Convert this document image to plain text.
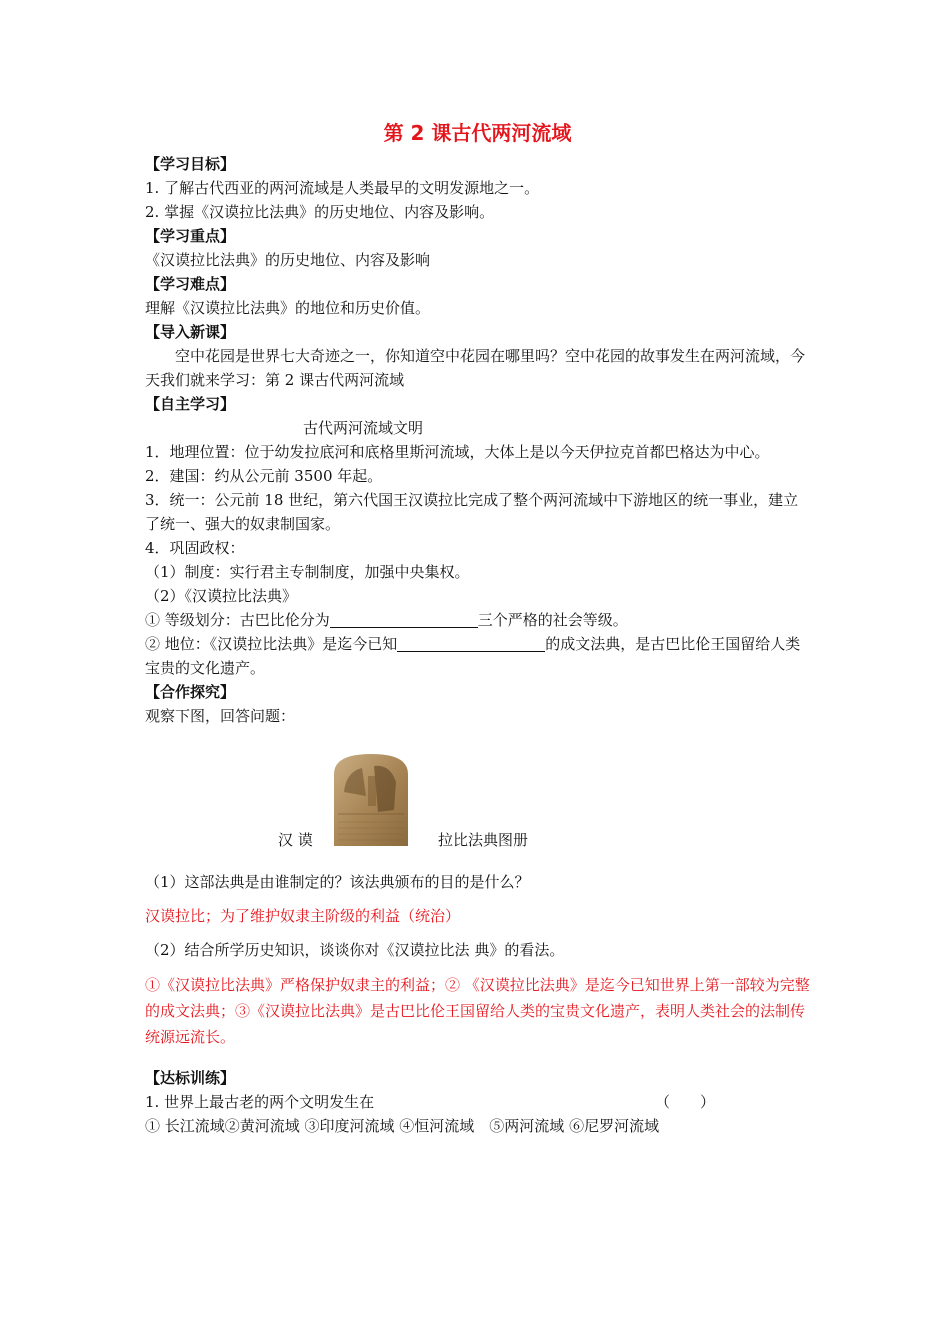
第 2 课古代两河流域
【学习目标】

1. 了解古代西亚的两河流域是人类最早的文明发源地之一。

2. 掌握《汉谟拉比法典》的历史地位、内容及影响。

【学习重点】

《汉谟拉比法典》的历史地位、内容及影响

【学习难点】

理解《汉谟拉比法典》的地位和历史价值。

【导入新课】

空中花园是世界七大奇迹之一，你知道空中花园在哪里吗？空中花园的故事发生在两河流域，今天我们就来学习：第 2 课古代两河流域

【自主学习】

古代两河流域文明

1．地理位置：位于幼发拉底河和底格里斯河流域，大体上是以今天伊拉克首都巴格达为中心。

2．建国：约从公元前 3500 年起。

3．统一：公元前 18 世纪，第六代国王汉谟拉比完成了整个两河流域中下游地区的统一事业，建立了统一、强大的奴隶制国家。

4．巩固政权：

（1）制度：实行君主专制制度，加强中央集权。

（2）《汉谟拉比法典》

① 等级划分：古巴比伦分为	三个严格的社会等级。

② 地位：《汉谟拉比法典》是迄今已知	的成文法典，是古巴比伦王国留给人类宝贵的文化遗产。

【合作探究】

观察下图，回答问题：

汉 谟	拉比法典图册

（1）这部法典是由谁制定的？该法典颁布的目的是什么？

汉谟拉比；为了维护奴隶主阶级的利益（统治）

（2）结合所学历史知识，谈谈你对《汉谟拉比法 典》的看法。

①《汉谟拉比法典》严格保护奴隶主的利益；② 《汉谟拉比法典》是迄今已知世界上第一部较为完整的成文法典；③《汉谟拉比法典》是古巴比伦王国留给人类的宝贵文化遗产，表明人类社会的法制传统源远流长。

【达标训练】

1. 世界上最古老的两个文明发生在	（　　）

① 长江流域②黄河流域 ③印度河流域 ④恒河流域　⑤两河流域 ⑥尼罗河流域
